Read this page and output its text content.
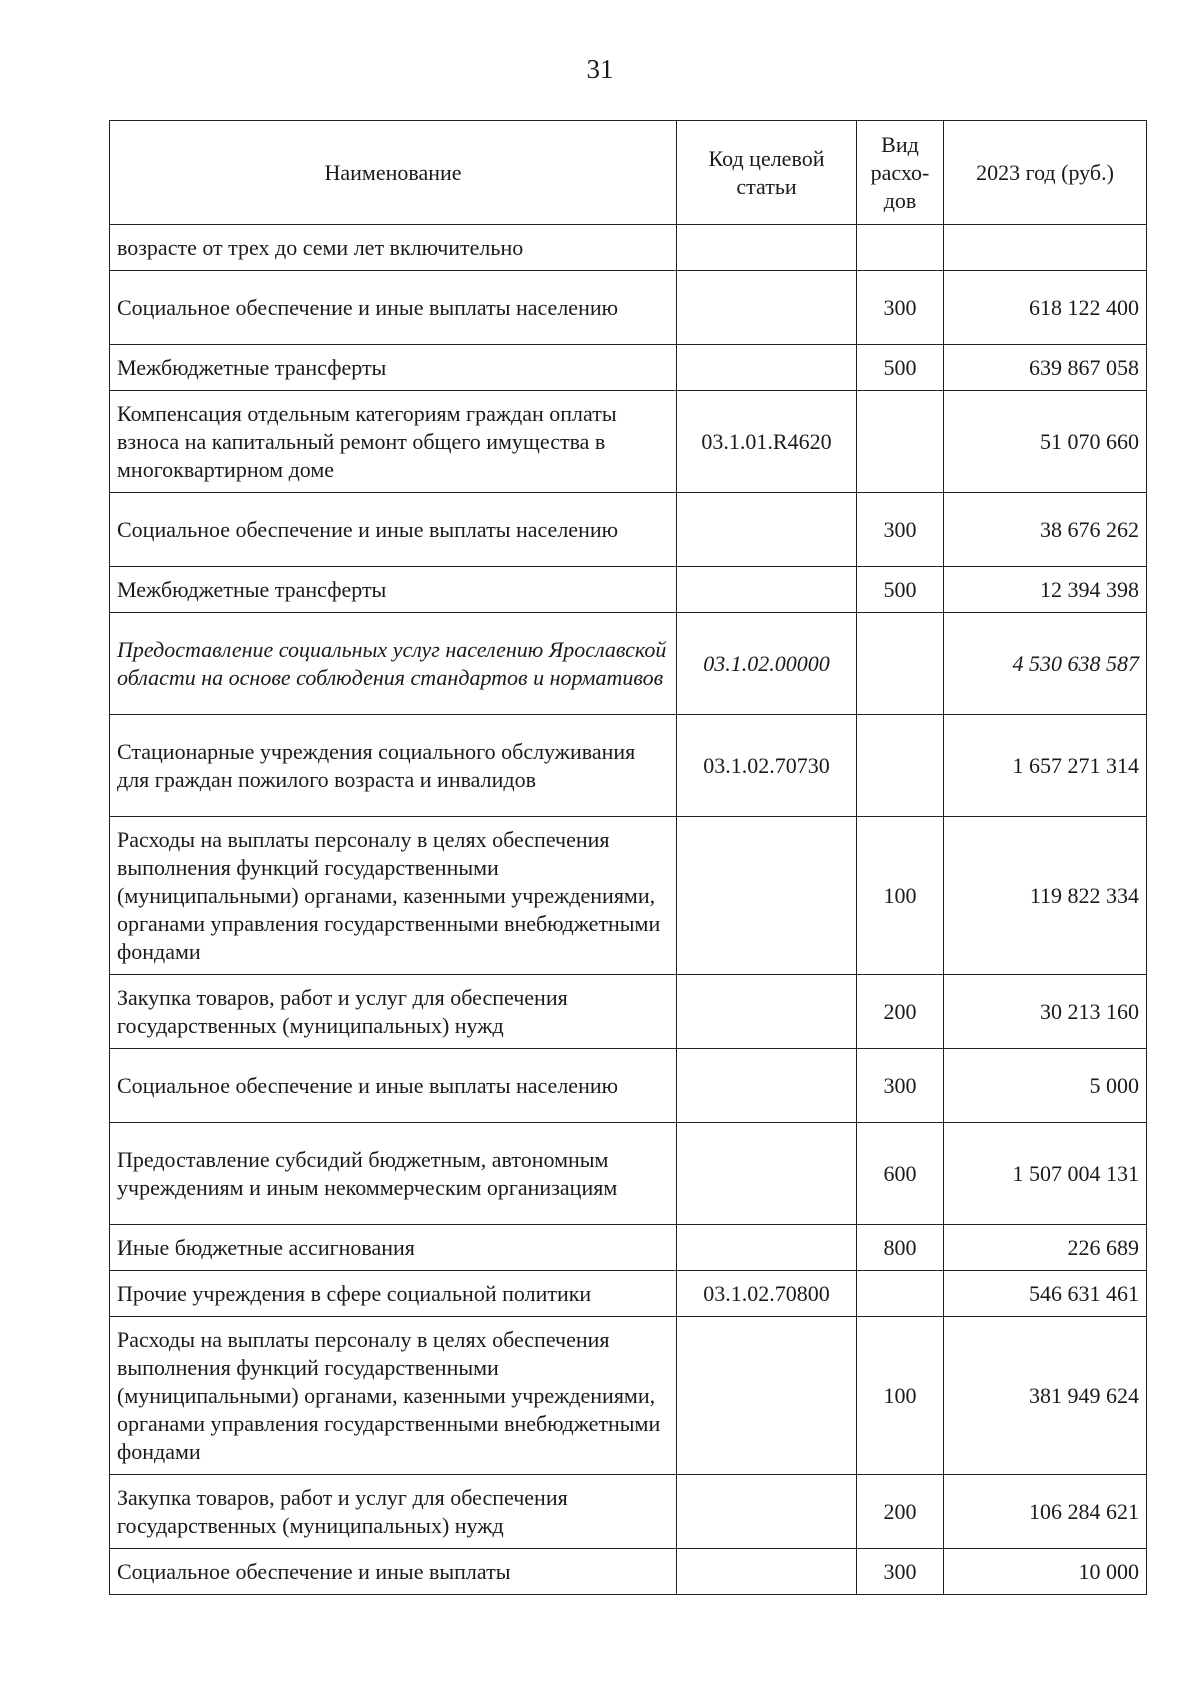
31
Наименование	Код целевой статьи	Вид расхо-дов	2023 год (руб.)
возрасте от трех до семи лет включительно			
Социальное обеспечение и иные выплаты населению		300	618 122 400
Межбюджетные трансферты		500	639 867 058
Компенсация отдельным категориям граждан оплаты взноса на капитальный ремонт общего имущества в многоквартирном доме	03.1.01.R4620		51 070 660
Социальное обеспечение и иные выплаты населению		300	38 676 262
Межбюджетные трансферты		500	12 394 398
Предоставление социальных услуг населению Ярославской области на основе соблюдения стандартов и нормативов	03.1.02.00000		4 530 638 587
Стационарные учреждения социального обслуживания для граждан пожилого возраста и инвалидов	03.1.02.70730		1 657 271 314
Расходы на выплаты персоналу в целях обеспечения выполнения функций государственными (муниципальными) органами, казенными учреждениями, органами управления государственными внебюджетными фондами		100	119 822 334
Закупка товаров, работ и услуг для обеспечения государственных (муниципальных) нужд		200	30 213 160
Социальное обеспечение и иные выплаты населению		300	5 000
Предоставление субсидий бюджетным, автономным учреждениям и иным некоммерческим организациям		600	1 507 004 131
Иные бюджетные ассигнования		800	226 689
Прочие учреждения в сфере социальной политики	03.1.02.70800		546 631 461
Расходы на выплаты персоналу в целях обеспечения выполнения функций государственными (муниципальными) органами, казенными учреждениями, органами управления государственными внебюджетными фондами		100	381 949 624
Закупка товаров, работ и услуг для обеспечения государственных (муниципальных) нужд		200	106 284 621
Социальное обеспечение и иные выплаты		300	10 000
